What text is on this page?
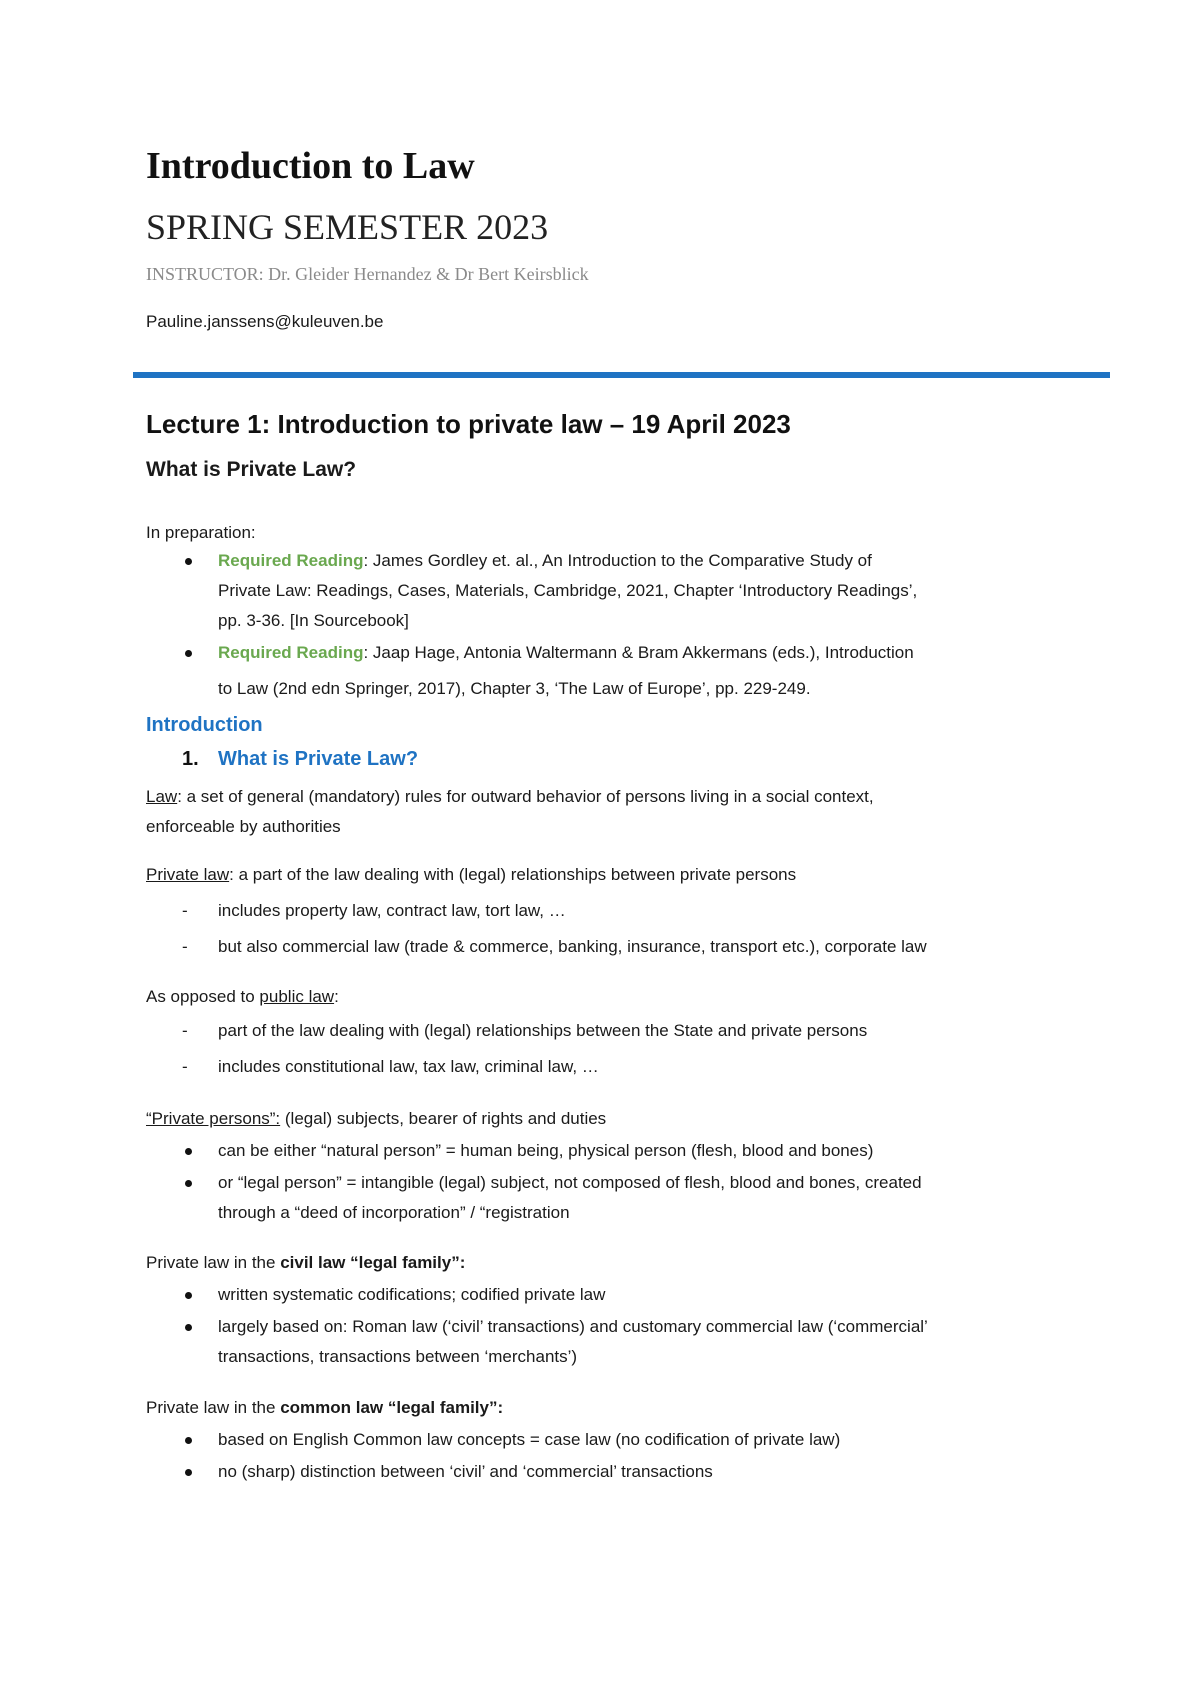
Introduction to Law
SPRING SEMESTER 2023
INSTRUCTOR: Dr. Gleider Hernandez & Dr Bert Keirsblick
Pauline.janssens@kuleuven.be
Lecture 1: Introduction to private law – 19 April 2023
What is Private Law?
In preparation:
Required Reading: James Gordley et. al., An Introduction to the Comparative Study of
Private Law: Readings, Cases, Materials, Cambridge, 2021, Chapter ‘Introductory Readings’,
pp. 3-36. [In Sourcebook]
Required Reading: Jaap Hage, Antonia Waltermann & Bram Akkermans (eds.), Introduction
to Law (2nd edn Springer, 2017), Chapter 3, ‘The Law of Europe’, pp. 229-249.
Introduction
1. What is Private Law?
Law: a set of general (mandatory) rules for outward behavior of persons living in a social context,
enforceable by authorities
Private law: a part of the law dealing with (legal) relationships between private persons
- includes property law, contract law, tort law, …
- but also commercial law (trade & commerce, banking, insurance, transport etc.), corporate law
As opposed to public law:
- part of the law dealing with (legal) relationships between the State and private persons
- includes constitutional law, tax law, criminal law, …
“Private persons”: (legal) subjects, bearer of rights and duties
can be either “natural person” = human being, physical person (flesh, blood and bones)
or “legal person” = intangible (legal) subject, not composed of flesh, blood and bones, created
through a “deed of incorporation” / “registration
Private law in the civil law “legal family”:
written systematic codifications; codified private law
largely based on: Roman law (‘civil’ transactions) and customary commercial law (‘commercial’
transactions, transactions between ‘merchants’)
Private law in the common law “legal family”:
based on English Common law concepts = case law (no codification of private law)
no (sharp) distinction between ‘civil’ and ‘commercial’ transactions
